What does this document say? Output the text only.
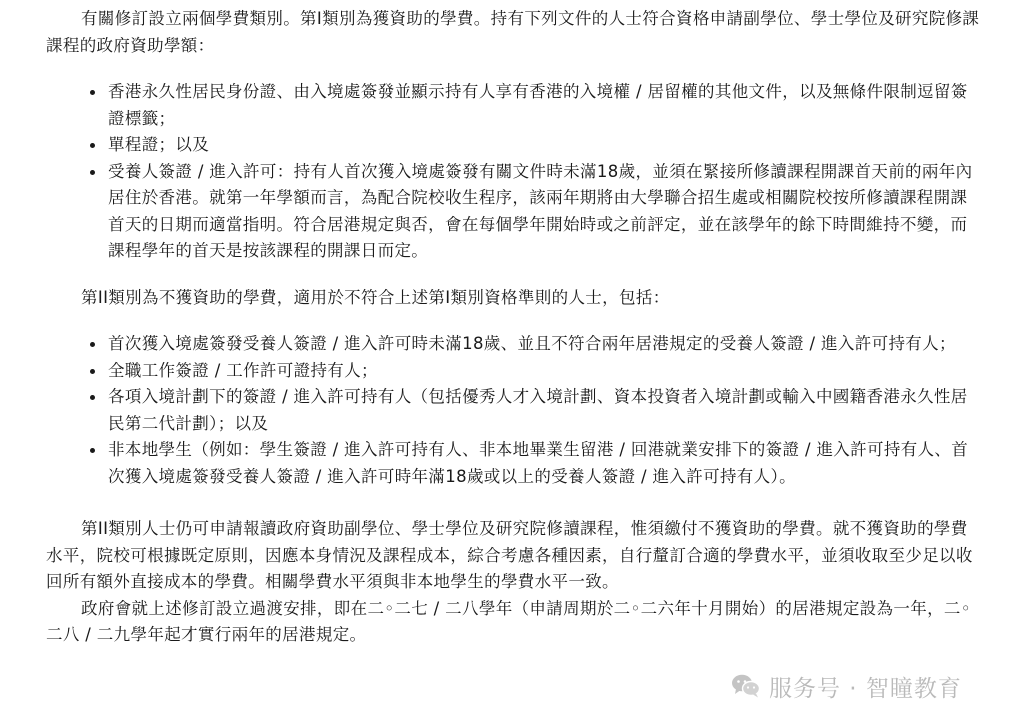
有關修訂設立兩個學費類別。第I類別為獲資助的學費。持有下列文件的人士符合資格申請副學位、學士學位及研究院修課課程的政府資助學額：

香港永久性居民身份證、由入境處簽發並顯示持有人享有香港的入境權 / 居留權的其他文件，以及無條件限制逗留簽證標籤；
單程證；以及
受養人簽證 / 進入許可：持有人首次獲入境處簽發有關文件時未滿18歲，並須在緊接所修讀課程開課首天前的兩年內居住於香港。就第一年學額而言，為配合院校收生程序，該兩年期將由大學聯合招生處或相關院校按所修讀課程開課首天的日期而適當指明。符合居港規定與否，會在每個學年開始時或之前評定，並在該學年的餘下時間維持不變，而課程學年的首天是按該課程的開課日而定。

第II類別為不獲資助的學費，適用於不符合上述第I類別資格準則的人士，包括：

首次獲入境處簽發受養人簽證 / 進入許可時未滿18歲、並且不符合兩年居港規定的受養人簽證 / 進入許可持有人；
全職工作簽證 / 工作許可證持有人；
各項入境計劃下的簽證 / 進入許可持有人（包括優秀人才入境計劃、資本投資者入境計劃或輸入中國籍香港永久性居民第二代計劃）；以及
非本地學生（例如：學生簽證 / 進入許可持有人、非本地畢業生留港 / 回港就業安排下的簽證 / 進入許可持有人、首次獲入境處簽發受養人簽證 / 進入許可時年滿18歲或以上的受養人簽證 / 進入許可持有人）。

第II類別人士仍可申請報讀政府資助副學位、學士學位及研究院修讀課程，惟須繳付不獲資助的學費。就不獲資助的學費水平，院校可根據既定原則，因應本身情況及課程成本，綜合考慮各種因素，自行釐訂合適的學費水平，並須收取至少足以收回所有額外直接成本的學費。相關學費水平須與非本地學生的學費水平一致。

政府會就上述修訂設立過渡安排，即在二◦二七 / 二八學年（申請周期於二◦二六年十月開始）的居港規定設為一年，二◦二八 / 二九學年起才實行兩年的居港規定。

服务号 · 智瞳教育
